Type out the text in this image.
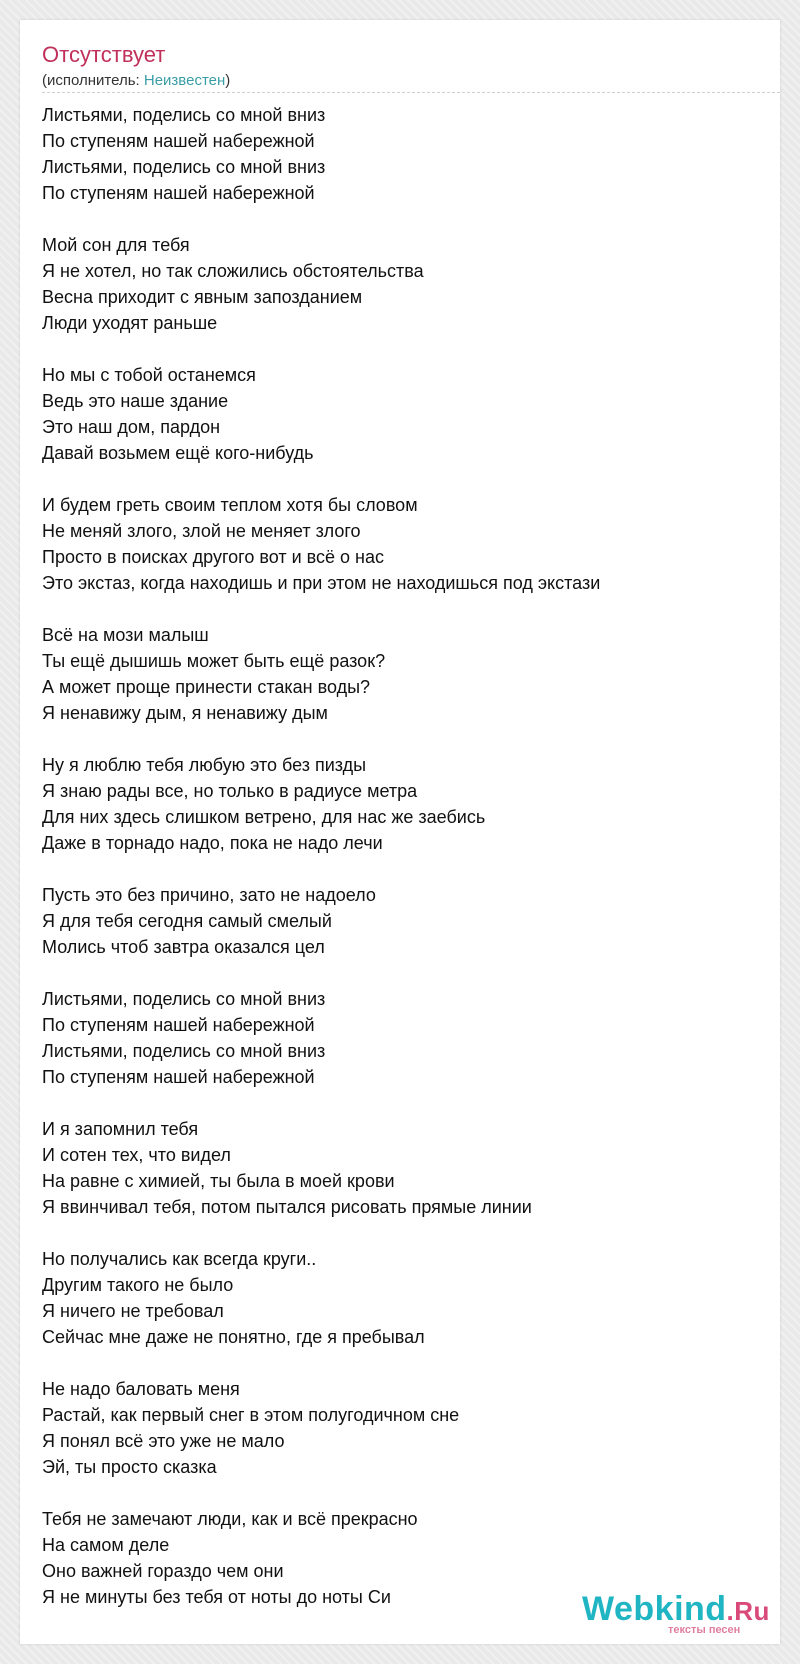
Отсутствует
(исполнитель: Неизвестен)
Листьями, поделись со мной вниз
По ступеням нашей набережной
Листьями, поделись со мной вниз
По ступеням нашей набережной
Мой сон для тебя
Я не хотел, но так сложились обстоятельства
Весна приходит с явным запозданием
Люди уходят раньше
Но мы с тобой останемся
Ведь это наше здание
Это наш дом, пардон
Давай возьмем ещё кого-нибудь
И будем греть своим теплом хотя бы словом
Не меняй злого, злой не меняет злого
Просто в поисках другого вот и всё о нас
Это экстаз, когда находишь и при этом не находишься под экстази
Всё на мози малыш
Ты ещё дышишь может быть ещё разок?
А может проще принести стакан воды?
Я ненавижу дым, я ненавижу дым
Ну я люблю тебя любую это без пизды
Я знаю рады все, но только в радиусе метра
Для них здесь слишком ветрено, для нас же заебись
Даже в торнадо надо, пока не надо лечи
Пусть это без причино, зато не надоело
Я для тебя сегодня самый смелый
Молись чтоб завтра оказался цел
Листьями, поделись со мной вниз
По ступеням нашей набережной
Листьями, поделись со мной вниз
По ступеням нашей набережной
И я запомнил тебя
И сотен тех, что видел
На равне с химией, ты была в моей крови
Я ввинчивал тебя, потом пытался рисовать прямые линии
Но получались как всегда круги..
Другим такого не было
Я ничего не требовал
Сейчас мне даже не понятно, где я пребывал
Не надо баловать меня
Растай, как первый снег в этом полугодичном сне
Я понял всё это уже не мало
Эй, ты просто сказка
Тебя не замечают люди, как и всё прекрасно
На самом деле
Оно важней гораздо чем они
Я не минуты без тебя от ноты до ноты Си	Webkind.Ru
тексты песен
